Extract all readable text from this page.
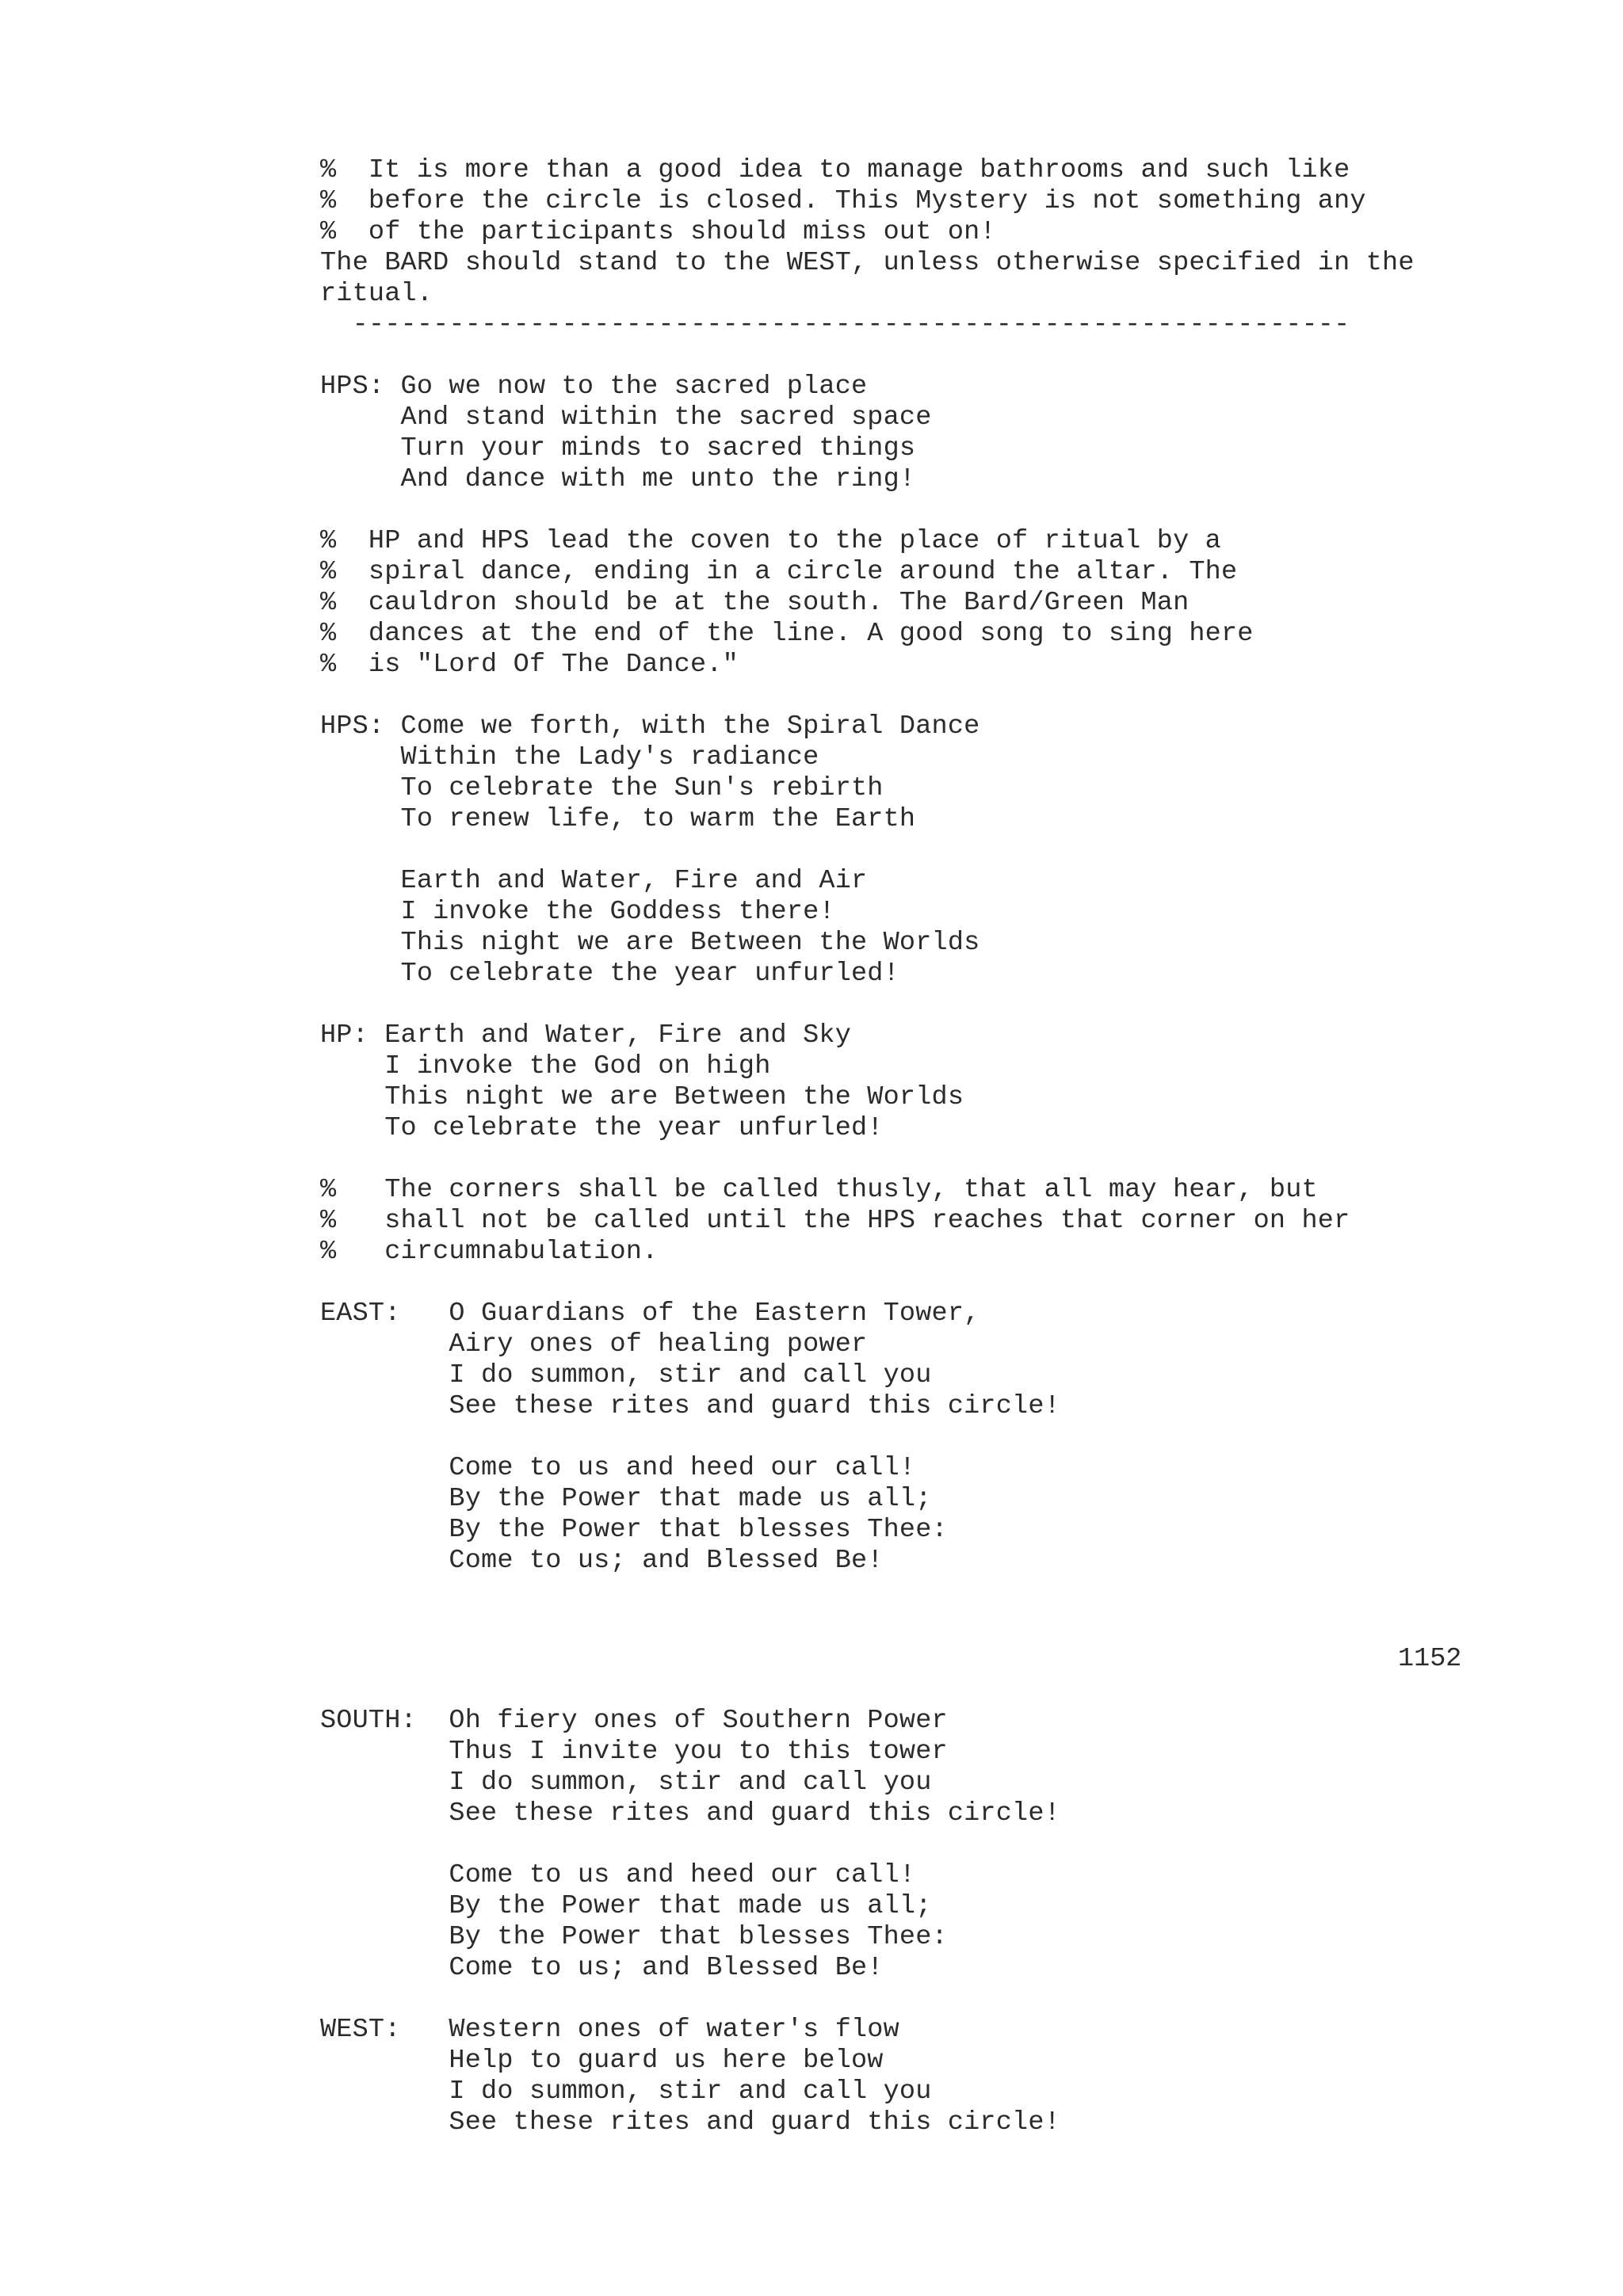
%  It is more than a good idea to manage bathrooms and such like
%  before the circle is closed. This Mystery is not something any
%  of the participants should miss out on!
The BARD should stand to the WEST, unless otherwise specified in the
ritual.
--------------------------------------------------------------

HPS: Go we now to the sacred place
And stand within the sacred space
Turn your minds to sacred things
And dance with me unto the ring!

%  HP and HPS lead the coven to the place of ritual by a
%  spiral dance, ending in a circle around the altar. The
%  cauldron should be at the south. The Bard/Green Man
%  dances at the end of the line. A good song to sing here
%  is "Lord Of The Dance."

HPS: Come we forth, with the Spiral Dance
Within the Lady's radiance
To celebrate the Sun's rebirth
To renew life, to warm the Earth

Earth and Water, Fire and Air
I invoke the Goddess there!
This night we are Between the Worlds
To celebrate the year unfurled!

HP: Earth and Water, Fire and Sky
I invoke the God on high
This night we are Between the Worlds
To celebrate the year unfurled!

%   The corners shall be called thusly, that all may hear, but
%   shall not be called until the HPS reaches that corner on her
%   circumnabulation.

EAST:   O Guardians of the Eastern Tower,
Airy ones of healing power
I do summon, stir and call you
See these rites and guard this circle!

Come to us and heed our call!
By the Power that made us all;
By the Power that blesses Thee:
Come to us; and Blessed Be!
1152
SOUTH:  Oh fiery ones of Southern Power
Thus I invite you to this tower
I do summon, stir and call you
See these rites and guard this circle!

Come to us and heed our call!
By the Power that made us all;
By the Power that blesses Thee:
Come to us; and Blessed Be!

WEST:   Western ones of water's flow
Help to guard us here below
I do summon, stir and call you
See these rites and guard this circle!
